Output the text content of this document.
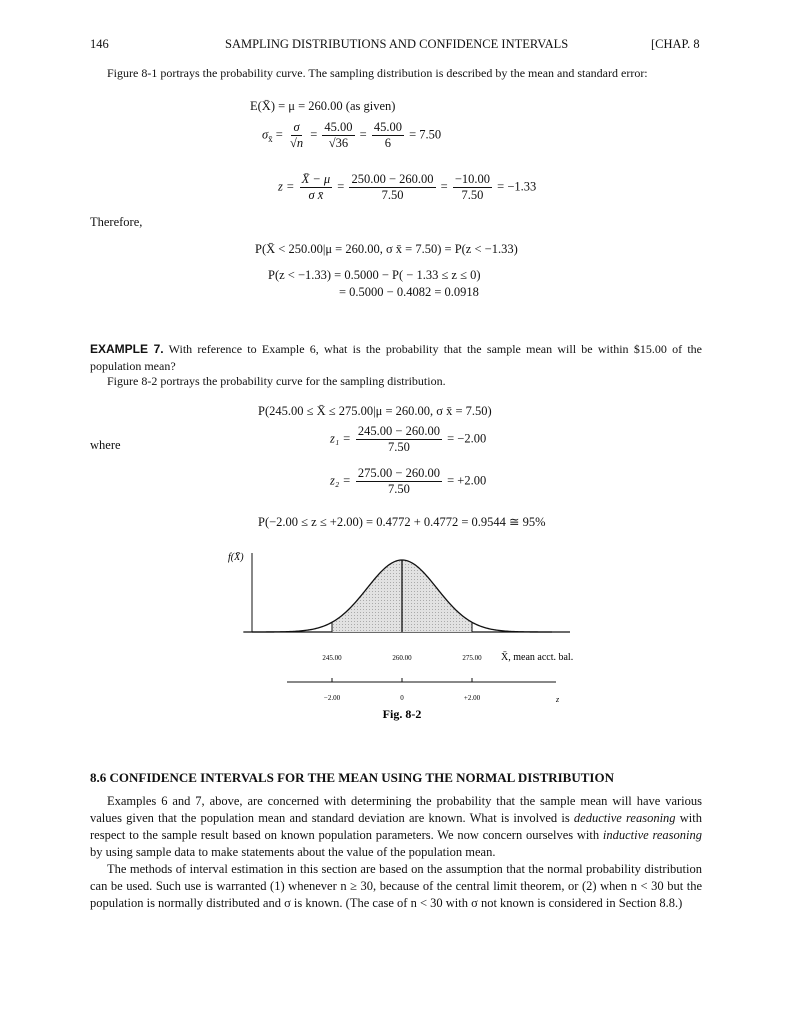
146	SAMPLING DISTRIBUTIONS AND CONFIDENCE INTERVALS	[CHAP. 8
Figure 8-1 portrays the probability curve. The sampling distribution is described by the mean and standard error:
E(X̄) = μ = 260.00 (as given)
$\sigma_{x̄} = \frac{\sigma}{√n} = \frac{45.00}{√36} = \frac{45.00}{6} = 7.50$
$z = \frac{X̄ - \mu}{\text{σ x̄}} = \frac{250.00 - 260.00}{7.50} = \frac{-10.00}{7.50} = -1.33$
Therefore,
P(X̄ < 250.00|μ = 260.00, σ x̄ = 7.50) = P(z < −1.33)
P(z < −1.33) = 0.5000 − P( − 1.33 ≤ z ≤ 0)
= 0.5000 − 0.4082 = 0.0918
EXAMPLE 7. With reference to Example 6, what is the probability that the sample mean will be within $15.00 of the population mean?
Figure 8-2 portrays the probability curve for the sampling distribution.
P(245.00 ≤ X̄ ≤ 275.00|μ = 260.00, σ x̄ = 7.50)
where	$z_1 = \frac{245.00 - 260.00}{7.50} = -2.00$
$z_2 = \frac{275.00 - 260.00}{7.50} = +2.00$
P(−2.00 ≤ z ≤ +2.00) = 0.4772 + 0.4772 = 0.9544 ≅ 95%
f(X̄)
X̄, mean acct. bal.
245.00	260.00	275.00
−2.00	0	+2.00	z
Fig. 8-2
8.6 CONFIDENCE INTERVALS FOR THE MEAN USING THE NORMAL DISTRIBUTION
Examples 6 and 7, above, are concerned with determining the probability that the sample mean will have various values given that the population mean and standard deviation are known. What is involved is deductive reasoning with respect to the sample result based on known population parameters. We now concern ourselves with inductive reasoning by using sample data to make statements about the value of the population mean.
The methods of interval estimation in this section are based on the assumption that the normal probability distribution can be used. Such use is warranted (1) whenever n ≥ 30, because of the central limit theorem, or (2) when n < 30 but the population is normally distributed and σ is known. (The case of n < 30 with σ not known is considered in Section 8.8.)
